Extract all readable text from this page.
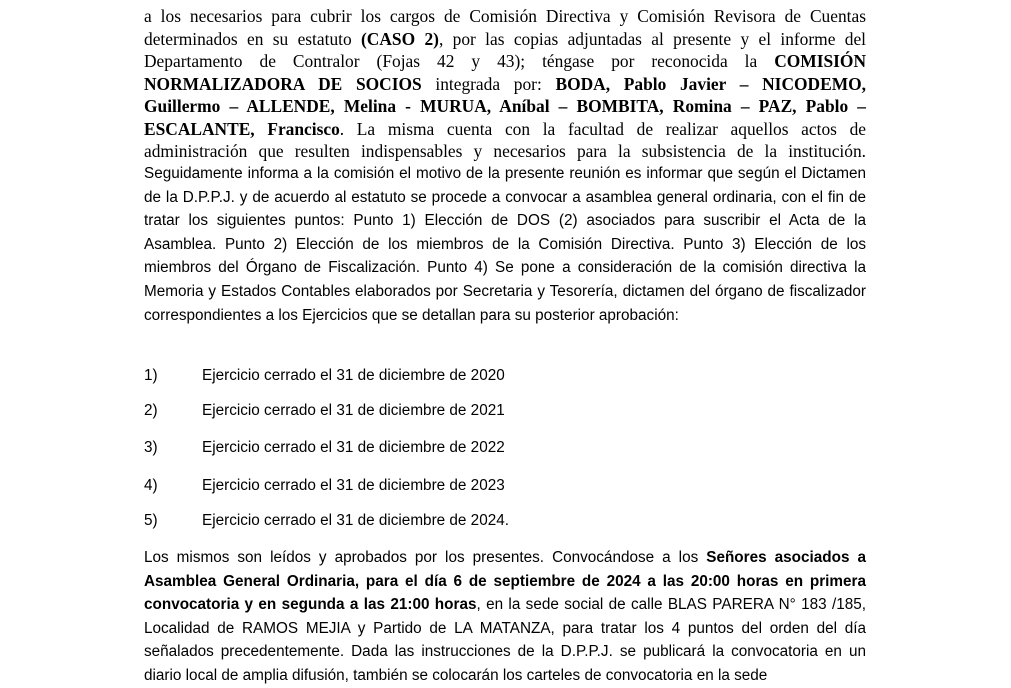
a los necesarios para cubrir los cargos de Comisión Directiva y Comisión Revisora de Cuentas
determinados en su estatuto (CASO 2), por las copias adjuntadas al presente y el informe del
Departamento de Contralor (Fojas 42 y 43); téngase por reconocida la COMISIÓN
NORMALIZADORA DE SOCIOS integrada por: BODA, Pablo Javier – NICODEMO,
Guillermo – ALLENDE, Melina - MURUA, Aníbal – BOMBITA, Romina – PAZ, Pablo –
ESCALANTE, Francisco. La misma cuenta con la facultad de realizar aquellos actos de
administración que resulten indispensables y necesarios para la subsistencia de la institución.

Seguidamente informa a la comisión el motivo de la presente reunión es informar que según el Dictamen de la D.P.P.J. y de acuerdo al estatuto se procede a convocar a asamblea general ordinaria, con el fin de tratar los siguientes puntos: Punto 1) Elección de DOS (2) asociados para suscribir el Acta de la Asamblea. Punto 2) Elección de los miembros de la Comisión Directiva. Punto 3) Elección de los miembros del Órgano de Fiscalización. Punto 4) Se pone a consideración de la comisión directiva la Memoria y Estados Contables elaborados por Secretaria y Tesorería, dictamen del órgano de fiscalizador correspondientes a los Ejercicios que se detallan para su posterior aprobación:

1)	Ejercicio cerrado el 31 de diciembre de 2020
2)	Ejercicio cerrado el 31 de diciembre de 2021
3)	Ejercicio cerrado el 31 de diciembre de 2022
4)	Ejercicio cerrado el 31 de diciembre de 2023
5)	Ejercicio cerrado el 31 de diciembre de 2024.

Los mismos son leídos y aprobados por los presentes. Convocándose a los Señores asociados a Asamblea General Ordinaria, para el día 6 de septiembre de 2024 a las 20:00 horas en primera convocatoria y en segunda a las 21:00 horas, en la sede social de calle BLAS PARERA N° 183 /185, Localidad de RAMOS MEJIA y Partido de LA MATANZA, para tratar los 4 puntos del orden del día señalados precedentemente. Dada las instrucciones de la D.P.P.J. se publicará la convocatoria en un diario local de amplia difusión, también se colocarán los carteles de convocatoria en la sede
